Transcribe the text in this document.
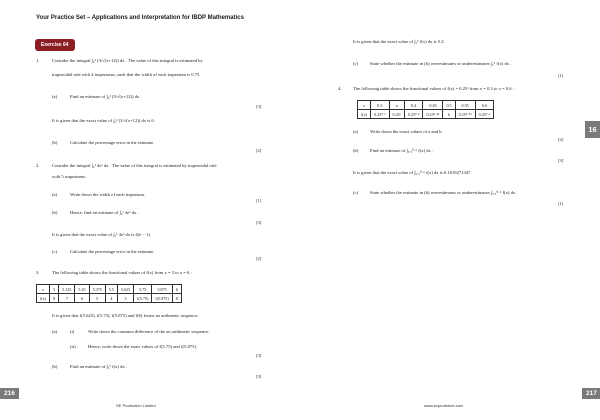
Your Practice Set – Applications and Interpretation for IBDP Mathematics
Exercise 64
1.	Consider the integral ∫₀³ (3/√(x+12)) dx . The value of this integral is estimated by
trapezoidal rule with 4 trapeziums, such that the width of each trapezium is 0.75.
(a)	Find an estimate of ∫₀³ (3/√(x+12)) dx .
[3]
It is given that the exact value of ∫₀³ (3/√(x+12)) dx is 6.
(b)	Calculate the percentage error in the estimate.
[2]
2.	Consider the integral ∫₀¹ 4eˣ dx . The value of this integral is estimated by trapezoidal rule
with 5 trapeziums.
(a)	Write down the width of each trapezium.
[1]
(b)	Hence, find an estimate of ∫₀¹ 4eˣ dx .
[3]
It is given that the exact value of ∫₀¹ 4eˣ dx is 4(e − 1).
(c)	Calculate the percentage error in the estimate.
[2]
3.	The following table shows the functional values of f(x) from x = 5 to x = 6 :
x	5	5.125	5.25	5.375	5.5	5.625	5.75	5.875	6
f(x)	8	7	6	5	4	3	f(5.75)	f(5.875)	8
It is given that f(5.625), f(5.75), f(5.875) and f(6) forms an arithmetic sequence.
(a)	(i)	Write down the common difference of the an arithmetic sequence.
(ii)	Hence, write down the exact values of f(5.75) and f(5.875).
[3]
(b)	Find an estimate of ∫₅⁶ f(x) dx .
[3]
216
SE Production Limited
It is given that the exact value of ∫₅⁶ f(x) dx is 5.2.
(c)	State whether the estimate in (b) overestimates or underestimates ∫₅⁶ f(x) dx .
[1]
4.	The following table shows the functional values of f(x) = 0.25ˣ from x = 0.3 to x = 0.6 :
x	0.3	a	0.4	0.45	0.5	0.55	0.6
f(x)	0.25⁰·³	0.25ᵃ	0.25⁰·⁴	0.25⁰·⁴⁵	b	0.25⁰·⁵⁵	0.25⁰·⁶
(a)	Write down the exact values of a and b .
[2]
(b)	Find an estimate of ∫₀.₃⁰·⁶ f(x) dx .
[3]
It is given that the exact value of ∫₀.₃⁰·⁶ f(x) dx is 0.1619271347.
(c)	State whether the estimate in (b) overestimates or underestimates ∫₀.₃⁰·⁶ f(x) dx .
[1]
16
217
www.seprodstore.com
